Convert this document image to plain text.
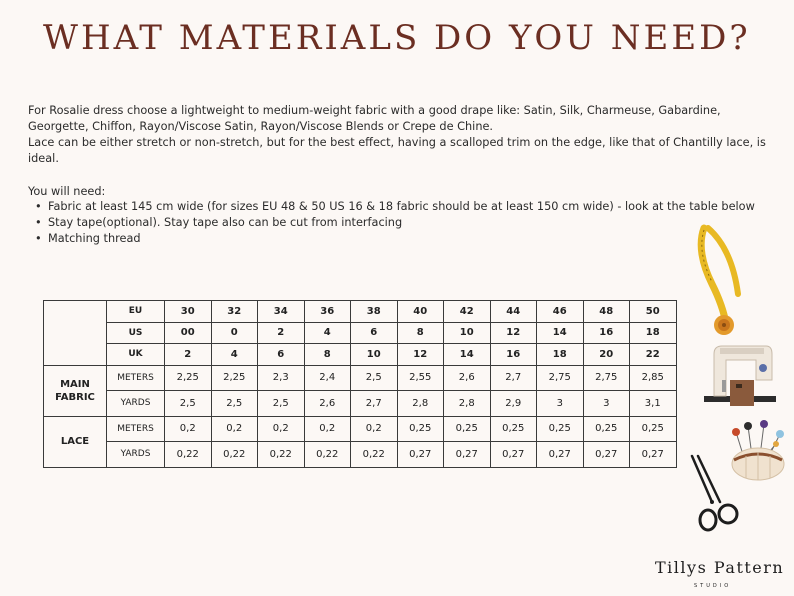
WHAT MATERIALS DO YOU NEED?

For Rosalie dress choose a lightweight to medium-weight fabric with a good drape like: Satin, Silk, Charmeuse, Gabardine, Georgette, Chiffon, Rayon/Viscose Satin, Rayon/Viscose Blends or Crepe de Chine.

Lace can be either stretch or non-stretch, but for the best effect, having a scalloped trim on the edge, like that of Chantilly lace, is ideal.

You will need:
• Fabric at least 145 cm wide (for sizes EU 48 & 50 US 16 & 18 fabric should be at least 150 cm wide) - look at the table below
• Stay tape(optional). Stay tape also can be cut from interfacing
• Matching thread
	EU	30	32	34	36	38	40	42	44	46	48	50
	US	00	0	2	4	6	8	10	12	14	16	18
	UK	2	4	6	8	10	12	14	16	18	20	22
MAIN
FABRIC	METERS	2,25	2,25	2,3	2,4	2,5	2,55	2,6	2,7	2,75	2,75	2,85
	YARDS	2,5	2,5	2,5	2,6	2,7	2,8	2,8	2,9	3	3	3,1
LACE	METERS	0,2	0,2	0,2	0,2	0,2	0,25	0,25	0,25	0,25	0,25	0,25
	YARDS	0,22	0,22	0,22	0,22	0,22	0,27	0,27	0,27	0,27	0,27	0,27
Tillys Pattern
STUDIO
